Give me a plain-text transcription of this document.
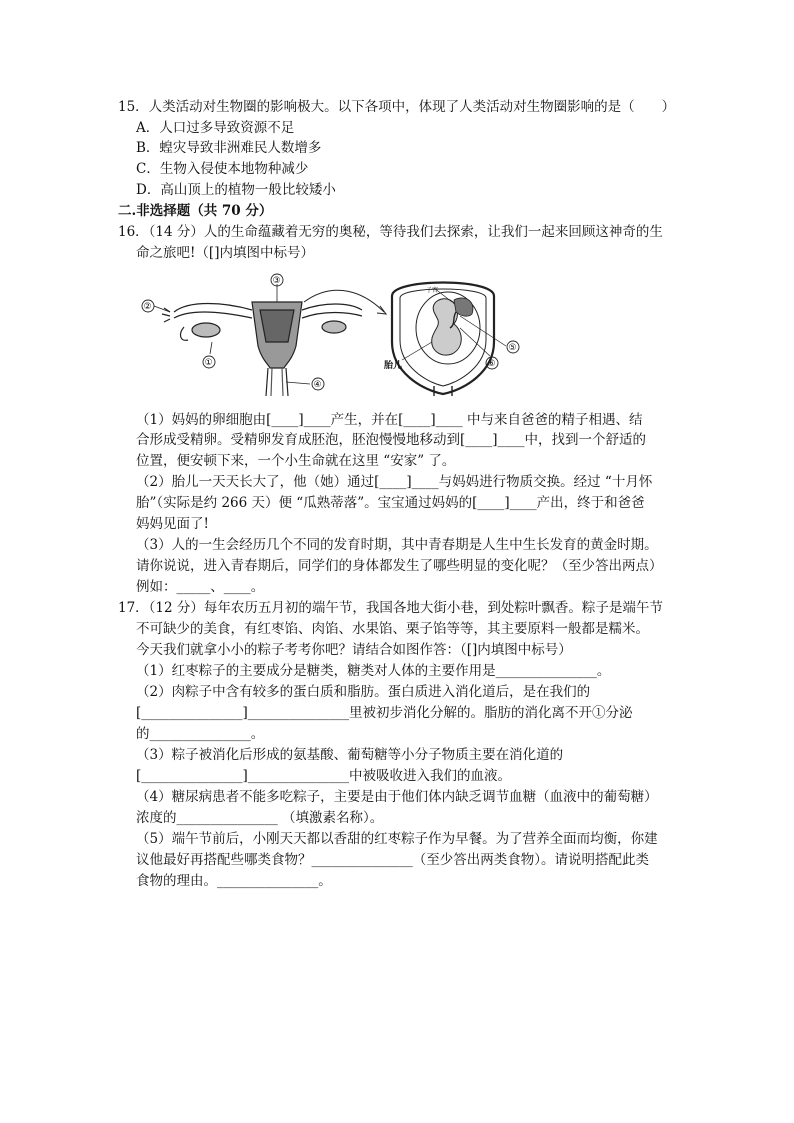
15．人类活动对生物圈的影响极大。以下各项中，体现了人类活动对生物圈影响的是（　　）
A．人口过多导致资源不足
B．蝗灾导致非洲难民人数增多
C．生物入侵使本地物种减少
D．高山顶上的植物一般比较矮小
二.非选择题（共 70 分）
16．（14 分）人的生命蕴藏着无穷的奥秘，等待我们去探索，让我们一起来回顾这神奇的生
命之旅吧!（[]内填图中标号）
②
③
①
④
子宫
⑤
⑥
胎儿
（1）妈妈的卵细胞由[____]____产生，并在[____]____ 中与来自爸爸的精子相遇、结
合形成受精卵。受精卵发育成胚泡，胚泡慢慢地移动到[____]____中，找到一个舒适的
位置，便安顿下来，一个小生命就在这里 “安家” 了。
（2）胎儿一天天长大了，他（她）通过[____]____与妈妈进行物质交换。经过 “十月怀
胎”（实际是约 266 天）便 “瓜熟蒂落”。宝宝通过妈妈的[____]____产出，终于和爸爸
妈妈见面了!
（3）人的一生会经历几个不同的发育时期，其中青春期是人生中生长发育的黄金时期。
请你说说，进入青春期后，同学们的身体都发生了哪些明显的变化呢？（至少答出两点）
例如：_____、____。
17．（12 分）每年农历五月初的端午节，我国各地大街小巷，到处粽叶飘香。粽子是端午节
不可缺少的美食，有红枣馅、肉馅、水果馅、栗子馅等等，其主要原料一般都是糯米。
今天我们就拿小小的粽子考考你吧？请结合如图作答：（[]内填图中标号）
（1）红枣粽子的主要成分是糖类，糖类对人体的主要作用是_______________。
（2）肉粽子中含有较多的蛋白质和脂肪。蛋白质进入消化道后，是在我们的
[_______________]_______________里被初步消化分解的。脂肪的消化离不开①分泌
的_______________。
（3）粽子被消化后形成的氨基酸、葡萄糖等小分子物质主要在消化道的
[_______________]_______________中被吸收进入我们的血液。
（4）糖尿病患者不能多吃粽子，主要是由于他们体内缺乏调节血糖（血液中的葡萄糖）
浓度的_______________ （填激素名称）。
（5）端午节前后，小刚天天都以香甜的红枣粽子作为早餐。为了营养全面而均衡，你建
议他最好再搭配些哪类食物？_______________（至少答出两类食物）。请说明搭配此类
食物的理由。_______________。
